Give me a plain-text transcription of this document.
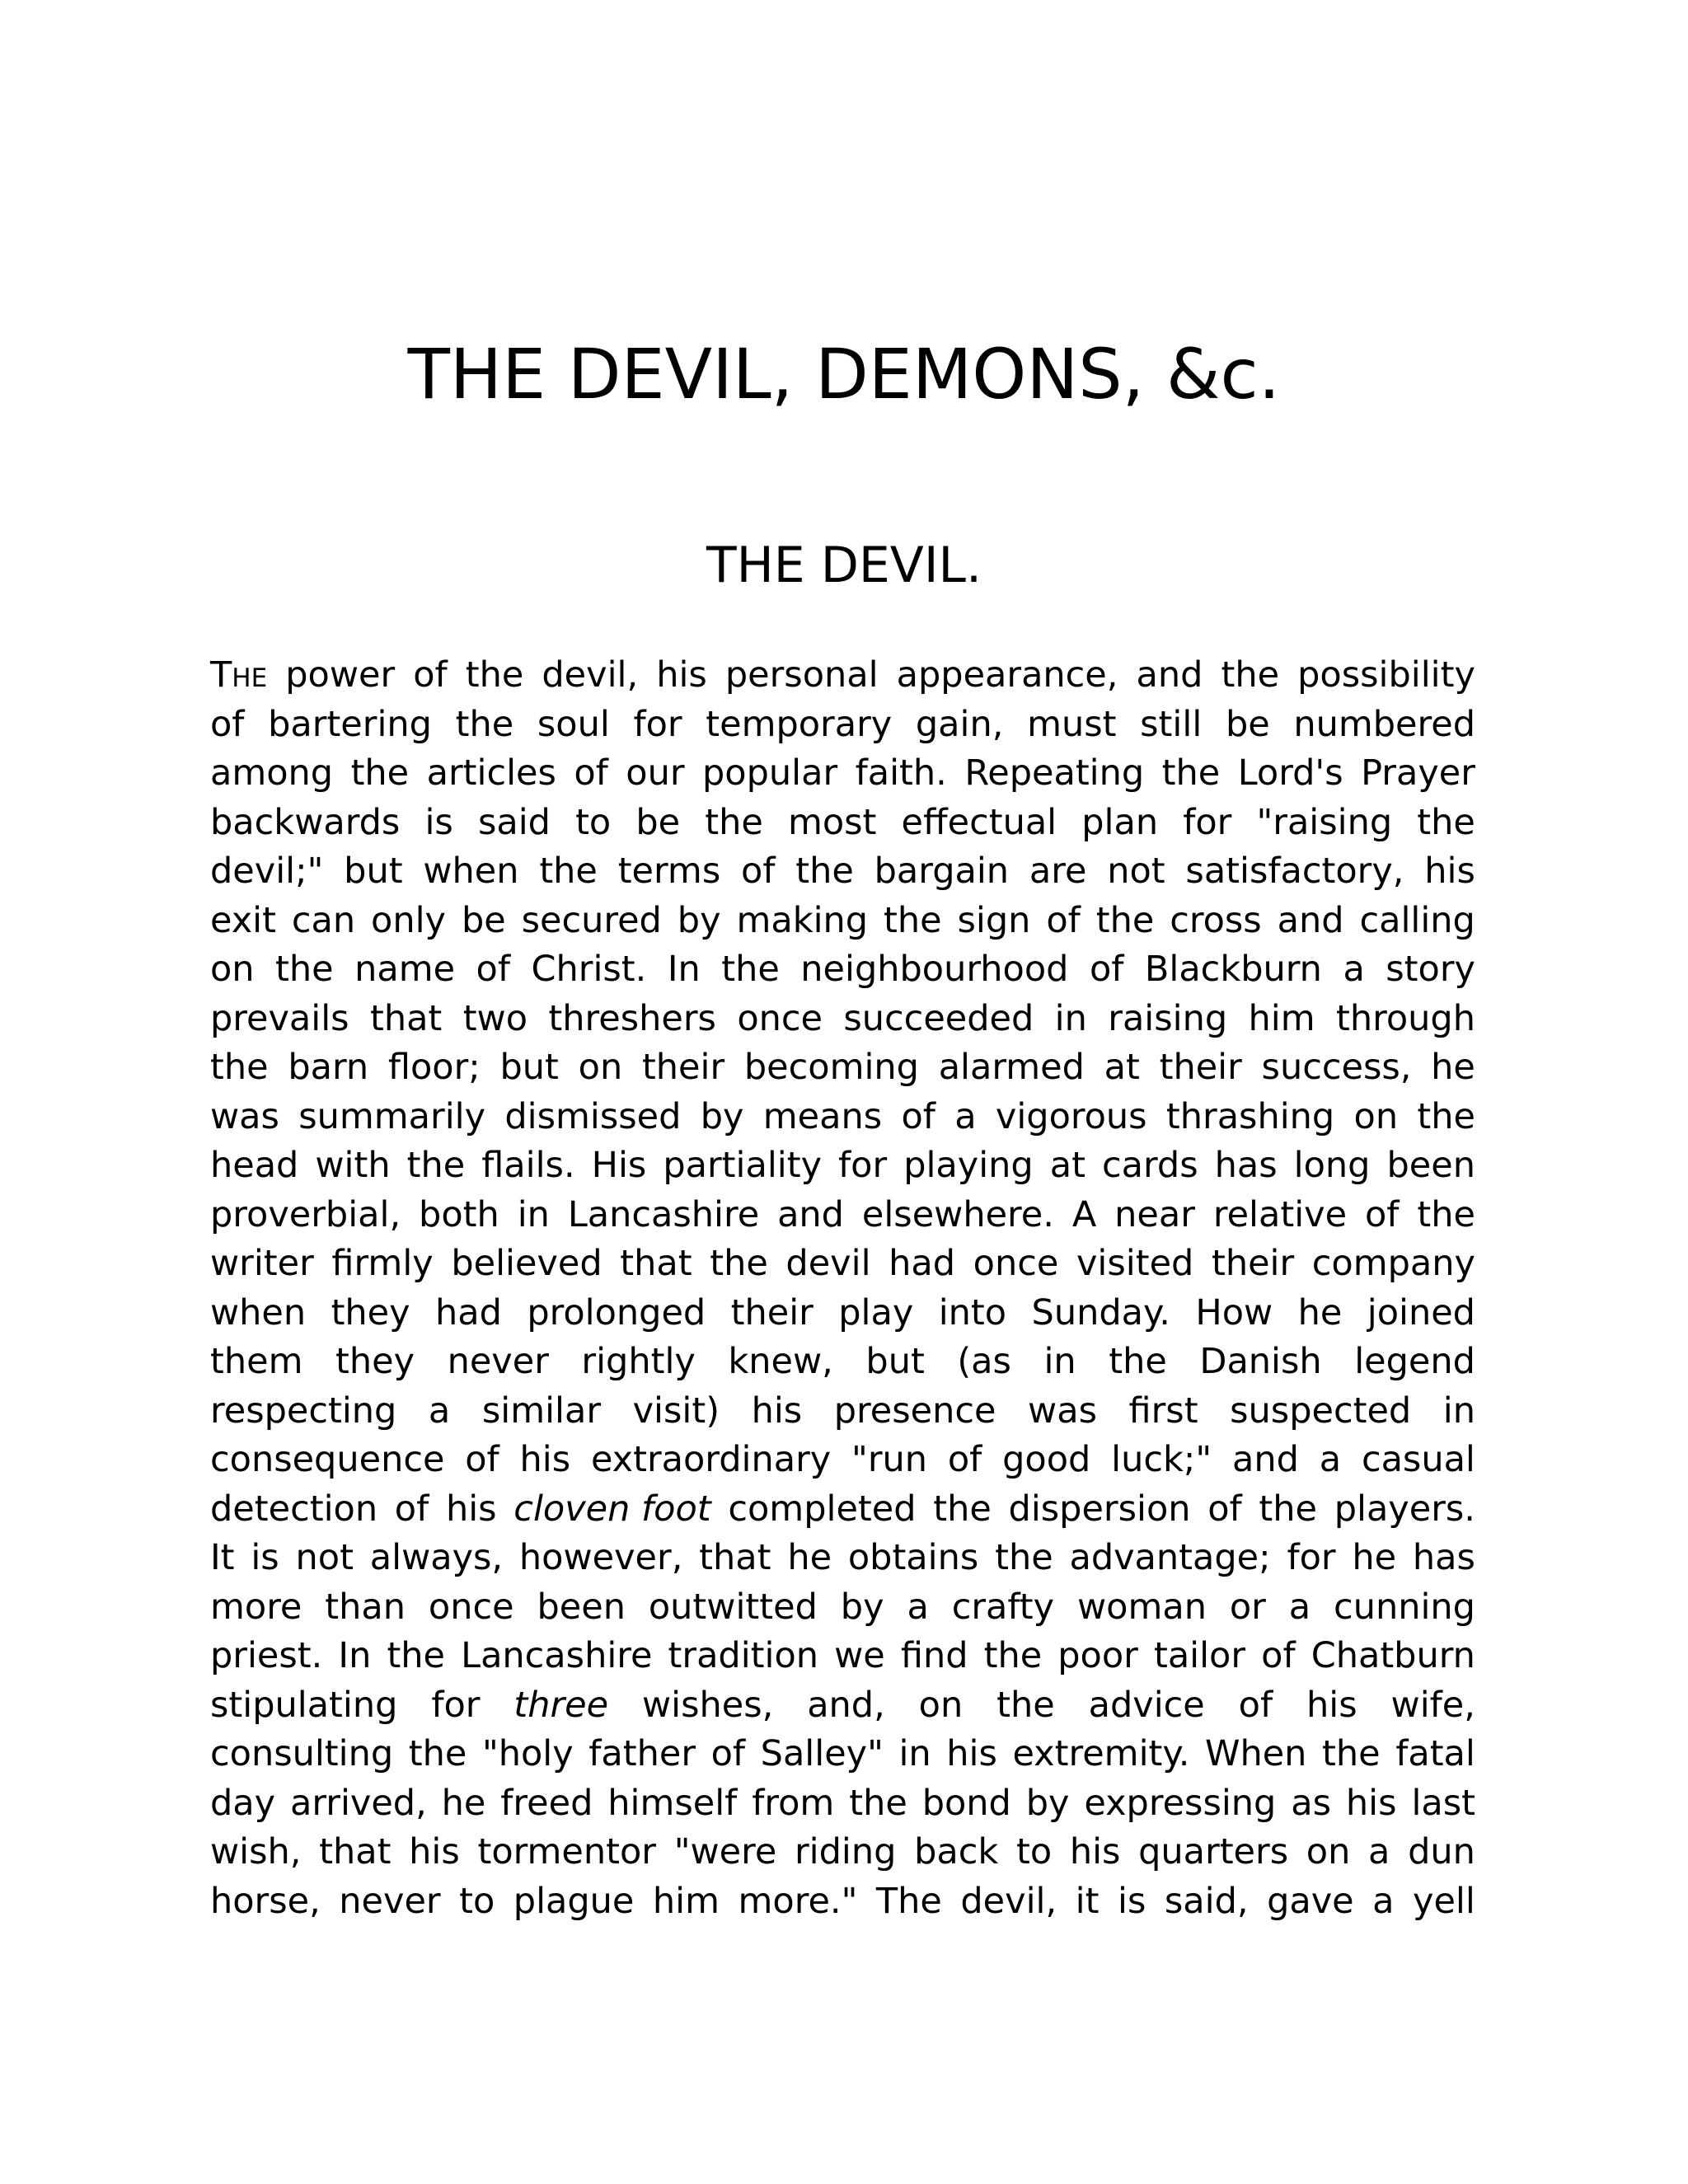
THE DEVIL, DEMONS, &c.
THE DEVIL.
THE power of the devil, his personal appearance, and the possibility
of bartering the soul for temporary gain, must still be numbered
among the articles of our popular faith. Repeating the Lord's Prayer
backwards is said to be the most effectual plan for "raising the
devil;" but when the terms of the bargain are not satisfactory, his
exit can only be secured by making the sign of the cross and calling
on the name of Christ. In the neighbourhood of Blackburn a story
prevails that two threshers once succeeded in raising him through
the barn floor; but on their becoming alarmed at their success, he
was summarily dismissed by means of a vigorous thrashing on the
head with the flails. His partiality for playing at cards has long been
proverbial, both in Lancashire and elsewhere. A near relative of the
writer firmly believed that the devil had once visited their company
when they had prolonged their play into Sunday. How he joined
them they never rightly knew, but (as in the Danish legend
respecting a similar visit) his presence was first suspected in
consequence of his extraordinary "run of good luck;" and a casual
detection of his cloven foot completed the dispersion of the players.
It is not always, however, that he obtains the advantage; for he has
more than once been outwitted by a crafty woman or a cunning
priest. In the Lancashire tradition we find the poor tailor of Chatburn
stipulating for three wishes, and, on the advice of his wife,
consulting the "holy father of Salley" in his extremity. When the fatal
day arrived, he freed himself from the bond by expressing as his last
wish, that his tormentor "were riding back to his quarters on a dun
horse, never to plague him more." The devil, it is said, gave a yell
